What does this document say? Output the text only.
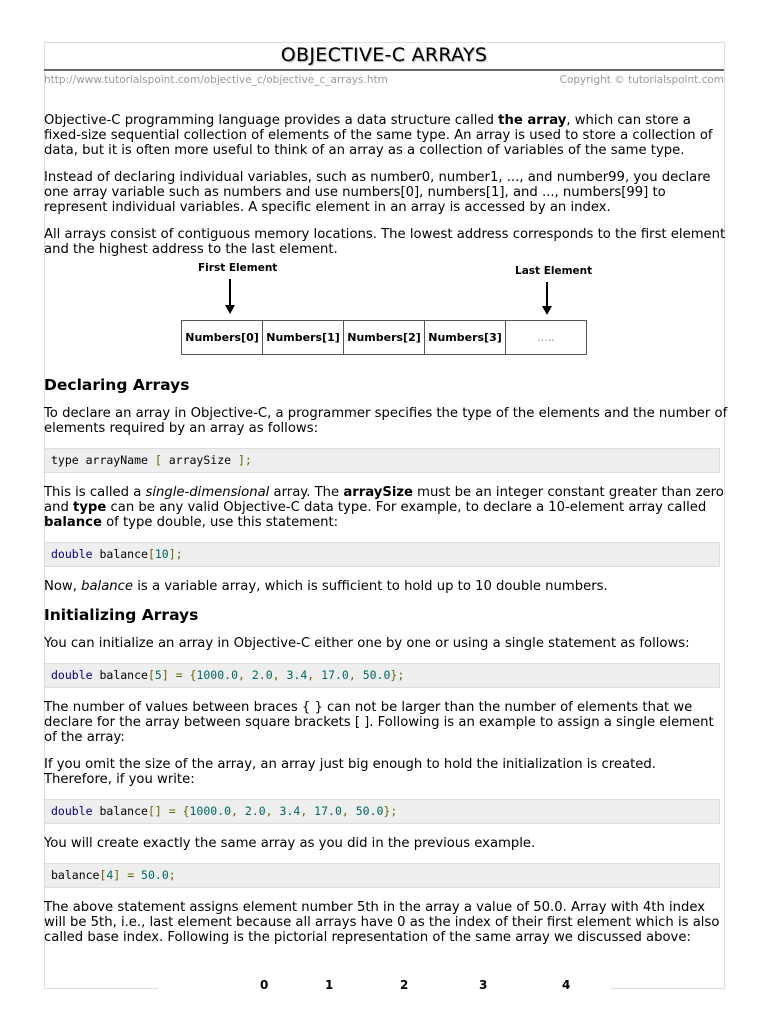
OBJECTIVE-C ARRAYS
http://www.tutorialspoint.com/objective_c/objective_c_arrays.htm	Copyright © tutorialspoint.com

Objective-C programming language provides a data structure called the array, which can store a fixed-size sequential collection of elements of the same type. An array is used to store a collection of data, but it is often more useful to think of an array as a collection of variables of the same type.

Instead of declaring individual variables, such as number0, number1, ..., and number99, you declare one array variable such as numbers and use numbers[0], numbers[1], and ..., numbers[99] to represent individual variables. A specific element in an array is accessed by an index.

All arrays consist of contiguous memory locations. The lowest address corresponds to the first element and the highest address to the last element.

First Element	Last Element
Numbers[0] Numbers[1] Numbers[2] Numbers[3]	.....
Declaring Arrays

To declare an array in Objective-C, a programmer specifies the type of the elements and the number of elements required by an array as follows:

type arrayName [ arraySize ];

This is called a single-dimensional array. The arraySize must be an integer constant greater than zero and type can be any valid Objective-C data type. For example, to declare a 10-element array called balance of type double, use this statement:

double balance[10];

Now, balance is a variable array, which is sufficient to hold up to 10 double numbers.

Initializing Arrays

You can initialize an array in Objective-C either one by one or using a single statement as follows:

double balance[5] = {1000.0, 2.0, 3.4, 17.0, 50.0};

The number of values between braces { } can not be larger than the number of elements that we declare for the array between square brackets [ ]. Following is an example to assign a single element of the array:

If you omit the size of the array, an array just big enough to hold the initialization is created. Therefore, if you write:

double balance[] = {1000.0, 2.0, 3.4, 17.0, 50.0};

You will create exactly the same array as you did in the previous example.

balance[4] = 50.0;

The above statement assigns element number 5th in the array a value of 50.0. Array with 4th index will be 5th, i.e., last element because all arrays have 0 as the index of their first element which is also called base index. Following is the pictorial representation of the same array we discussed above:

0	1	2	3	4
